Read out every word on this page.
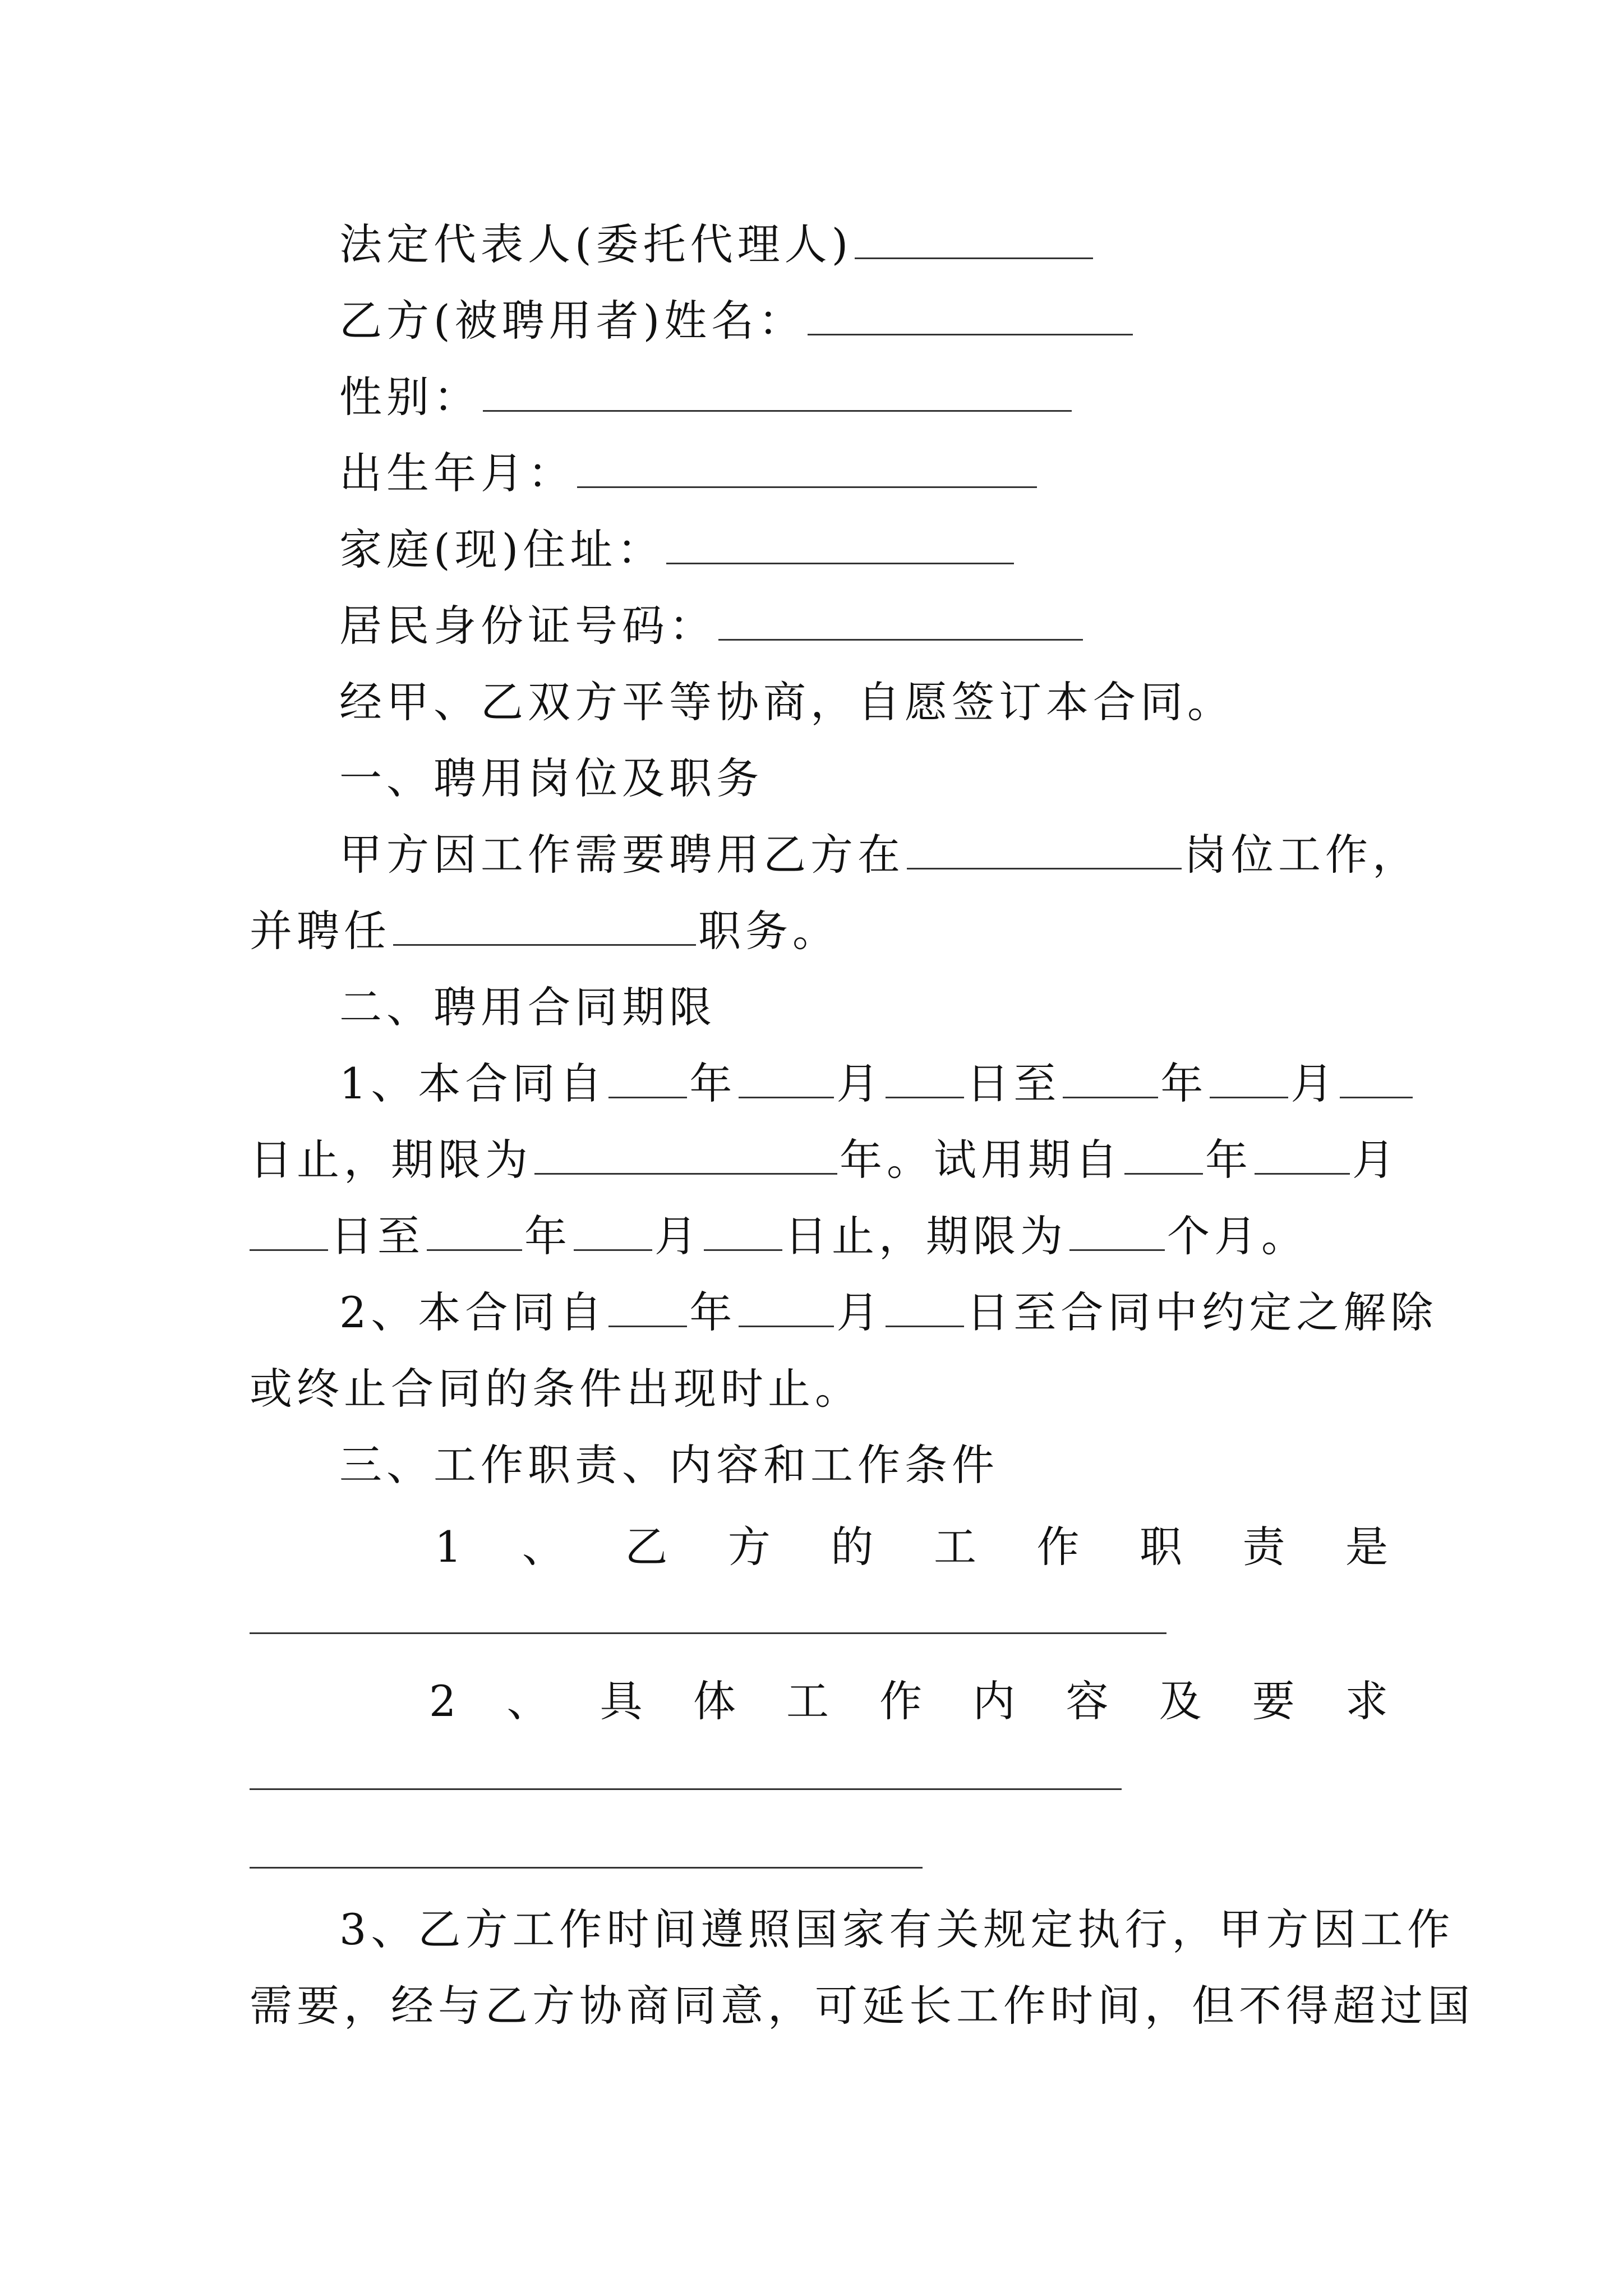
法定代表人(委托代理人)
乙方(被聘用者)姓名：
性别：
出生年月：
家庭(现)住址：
居民身份证号码：
经甲、乙双方平等协商，自愿签订本合同。
一、聘用岗位及职务
甲方因工作需要聘用乙方在	岗位工作，
并聘任	职务。
二、聘用合同期限
1、本合同自 年 月 日至 年 月
日止，期限为	年。试用期自 年 月
日至 年 月 日止，期限为 个月。
2、本合同自 年 月 日至合同中约定之解除
或终止合同的条件出现时止。
三、工作职责、内容和工作条件
1 、 乙 方 的 工 作 职 责 是
2 、 具 体 工 作 内 容 及 要 求
3、乙方工作时间遵照国家有关规定执行，甲方因工作
需要，经与乙方协商同意，可延长工作时间，但不得超过国
